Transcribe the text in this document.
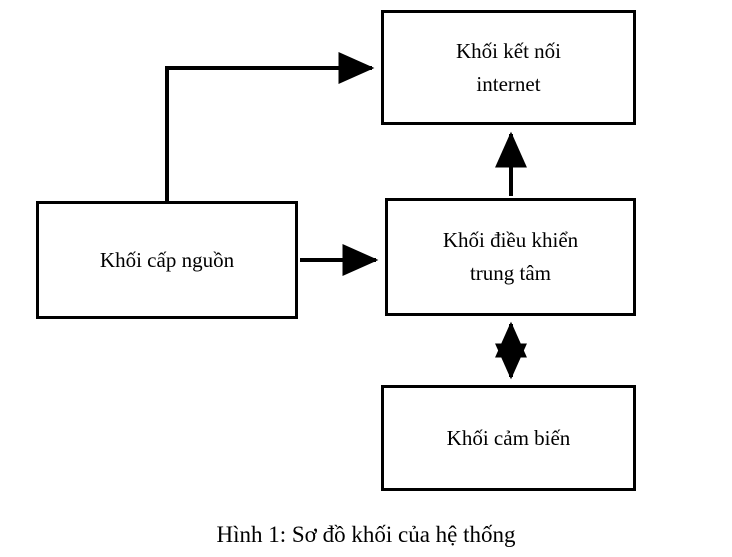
Khối kết nối
internet
Khối cấp nguồn
Khối điều khiển
trung tâm
Khối cảm biến
Hình 1: Sơ đồ khối của hệ thống
